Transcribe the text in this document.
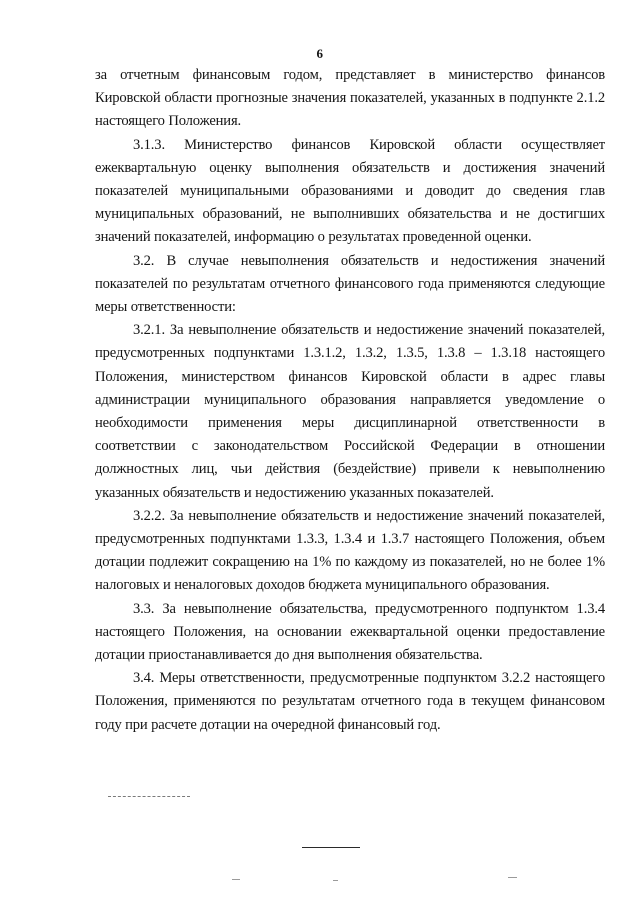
6

за отчетным финансовым годом, представляет в министерство финансов Кировской области прогнозные значения показателей, указанных в подпункте 2.1.2 настоящего Положения.

3.1.3. Министерство финансов Кировской области осуществляет ежеквартальную оценку выполнения обязательств и достижения значений показателей муниципальными образованиями и доводит до сведения глав муниципальных образований, не выполнивших обязательства и не достигших значений показателей, информацию о результатах проведенной оценки.

3.2. В случае невыполнения обязательств и недостижения значений показателей по результатам отчетного финансового года применяются следующие меры ответственности:

3.2.1. За невыполнение обязательств и недостижение значений показателей, предусмотренных подпунктами 1.3.1.2, 1.3.2, 1.3.5, 1.3.8 – 1.3.18 настоящего Положения, министерством финансов Кировской области в адрес главы администрации муниципального образования направляется уведомление о необходимости применения меры дисциплинарной ответственности в соответствии с законодательством Российской Федерации в отношении должностных лиц, чьи действия (бездействие) привели к невыполнению указанных обязательств и недостижению указанных показателей.

3.2.2. За невыполнение обязательств и недостижение значений показателей, предусмотренных подпунктами 1.3.3, 1.3.4 и 1.3.7 настоящего Положения, объем дотации подлежит сокращению на 1% по каждому из показателей, но не более 1% налоговых и неналоговых доходов бюджета муниципального образования.

3.3. За невыполнение обязательства, предусмотренного подпунктом 1.3.4 настоящего Положения, на основании ежеквартальной оценки предоставление дотации приостанавливается до дня выполнения обязательства.

3.4. Меры ответственности, предусмотренные подпунктом 3.2.2 настоящего Положения, применяются по результатам отчетного года в текущем финансовом году при расчете дотации на очередной финансовый год.
